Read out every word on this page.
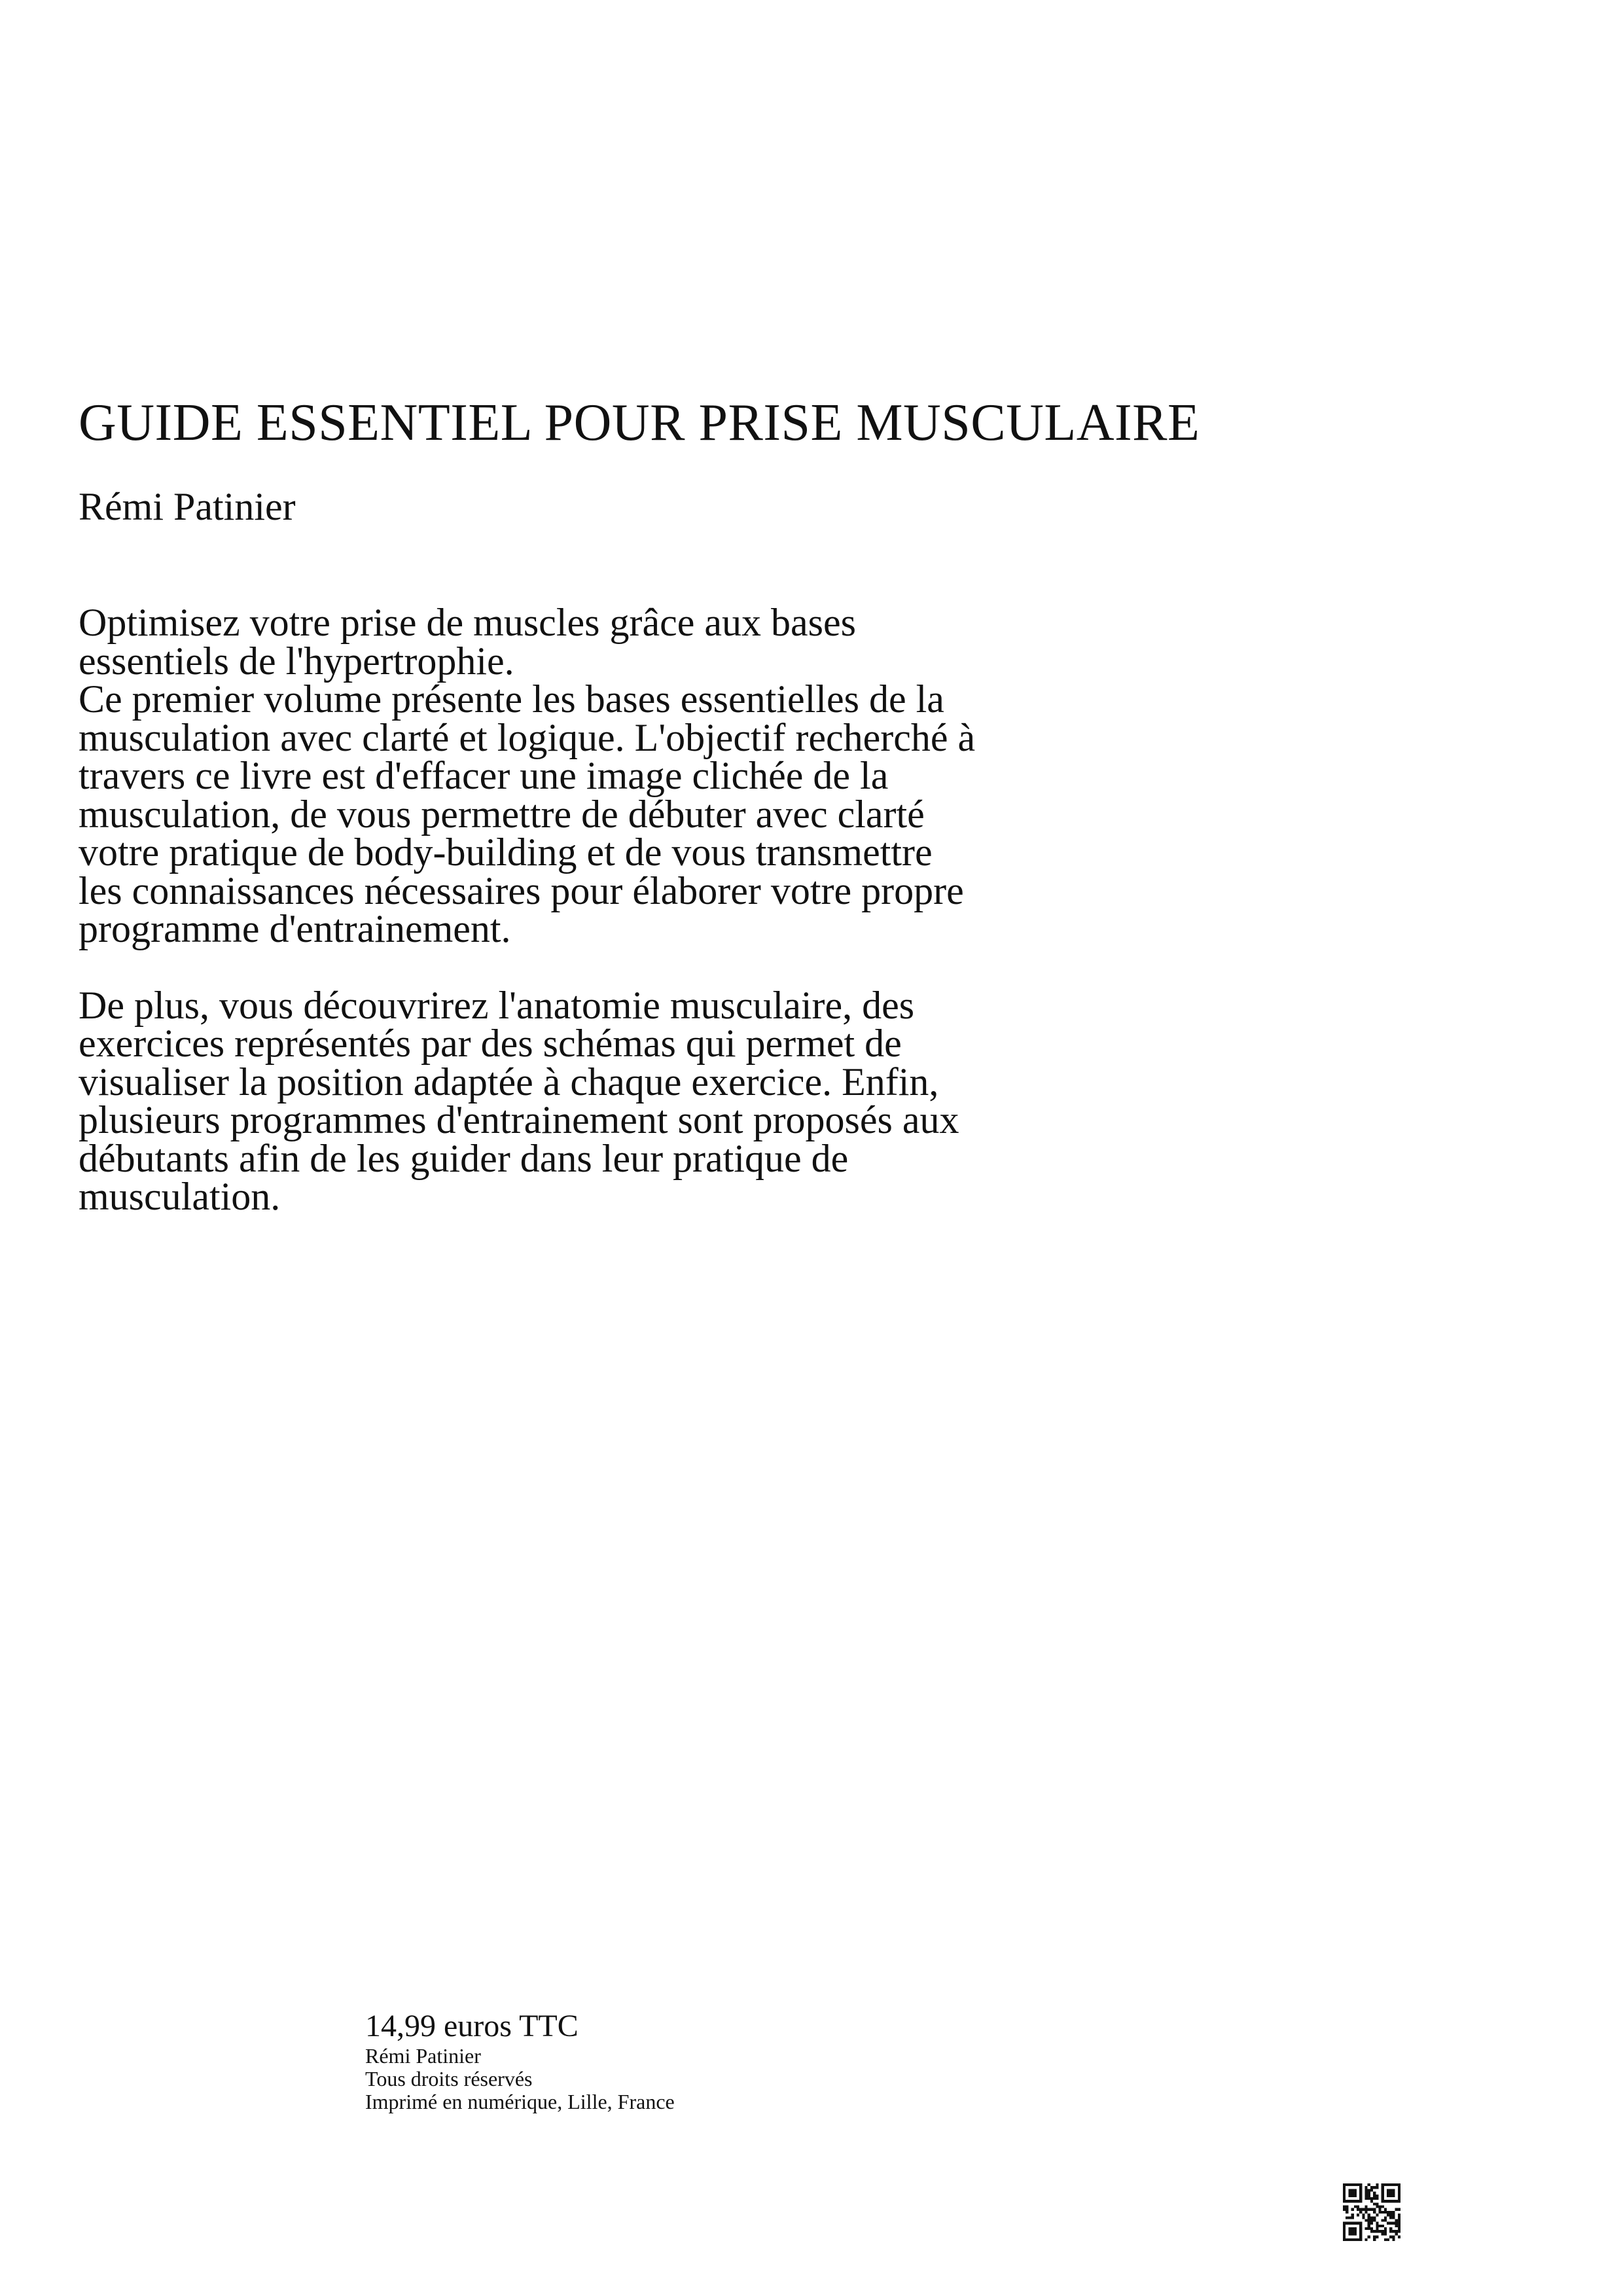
GUIDE ESSENTIEL POUR PRISE MUSCULAIRE
Rémi Patinier

Optimisez votre prise de muscles grâce aux bases
essentiels de l'hypertrophie.
Ce premier volume présente les bases essentielles de la
musculation avec clarté et logique. L'objectif recherché à
travers ce livre est d'effacer une image clichée de la
musculation, de vous permettre de débuter avec clarté
votre pratique de body-building et de vous transmettre
les connaissances nécessaires pour élaborer votre propre
programme d'entrainement.

De plus, vous découvrirez l'anatomie musculaire, des
exercices représentés par des schémas qui permet de
visualiser la position adaptée à chaque exercice. Enfin,
plusieurs programmes d'entrainement sont proposés aux
débutants afin de les guider dans leur pratique de
musculation.

14,99 euros TTC
Rémi Patinier
Tous droits réservés
Imprimé en numérique, Lille, France
